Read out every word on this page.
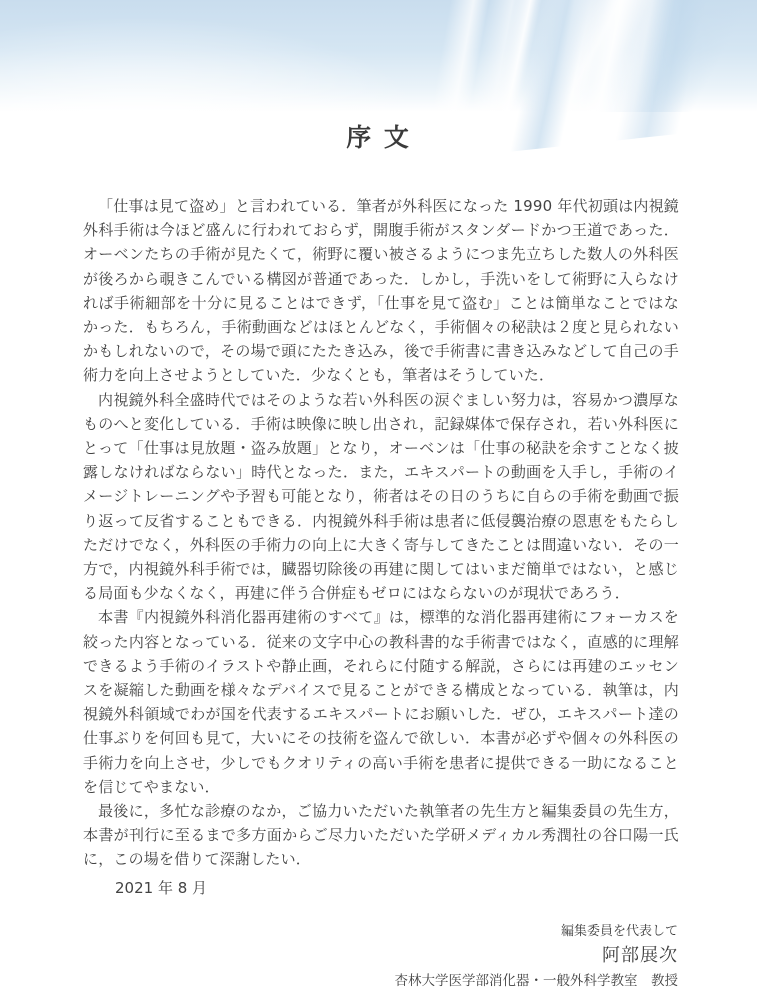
序 文

「仕事は見て盗め」と言われている．筆者が外科医になった 1990 年代初頭は内視鏡外科手術は今ほど盛んに行われておらず，開腹手術がスタンダードかつ王道であった．オーベンたちの手術が見たくて，術野に覆い被さるようにつま先立ちした数人の外科医が後ろから覗きこんでいる構図が普通であった．しかし，手洗いをして術野に入らなければ手術細部を十分に見ることはできず，「仕事を見て盗む」ことは簡単なことではなかった．もちろん，手術動画などはほとんどなく，手術個々の秘訣は２度と見られないかもしれないので，その場で頭にたたき込み，後で手術書に書き込みなどして自己の手術力を向上させようとしていた．少なくとも，筆者はそうしていた．

内視鏡外科全盛時代ではそのような若い外科医の涙ぐましい努力は，容易かつ濃厚なものへと変化している．手術は映像に映し出され，記録媒体で保存され，若い外科医にとって「仕事は見放題・盗み放題」となり，オーベンは「仕事の秘訣を余すことなく披露しなければならない」時代となった．また，エキスパートの動画を入手し，手術のイメージトレーニングや予習も可能となり，術者はその日のうちに自らの手術を動画で振り返って反省することもできる．内視鏡外科手術は患者に低侵襲治療の恩恵をもたらしただけでなく，外科医の手術力の向上に大きく寄与してきたことは間違いない．その一方で，内視鏡外科手術では，臓器切除後の再建に関してはいまだ簡単ではない，と感じる局面も少なくなく，再建に伴う合併症もゼロにはならないのが現状であろう．

本書『内視鏡外科消化器再建術のすべて』は，標準的な消化器再建術にフォーカスを絞った内容となっている．従来の文字中心の教科書的な手術書ではなく，直感的に理解できるよう手術のイラストや静止画，それらに付随する解説，さらには再建のエッセンスを凝縮した動画を様々なデバイスで見ることができる構成となっている．執筆は，内視鏡外科領域でわが国を代表するエキスパートにお願いした．ぜひ，エキスパート達の仕事ぶりを何回も見て，大いにその技術を盗んで欲しい．本書が必ずや個々の外科医の手術力を向上させ，少しでもクオリティの高い手術を患者に提供できる一助になることを信じてやまない．

最後に，多忙な診療のなか，ご協力いただいた執筆者の先生方と編集委員の先生方，本書が刊行に至るまで多方面からご尽力いただいた学研メディカル秀潤社の谷口陽一氏に，この場を借りて深謝したい．

2021 年 8 月
編集委員を代表して
阿部展次
杏林大学医学部消化器・一般外科学教室　教授
